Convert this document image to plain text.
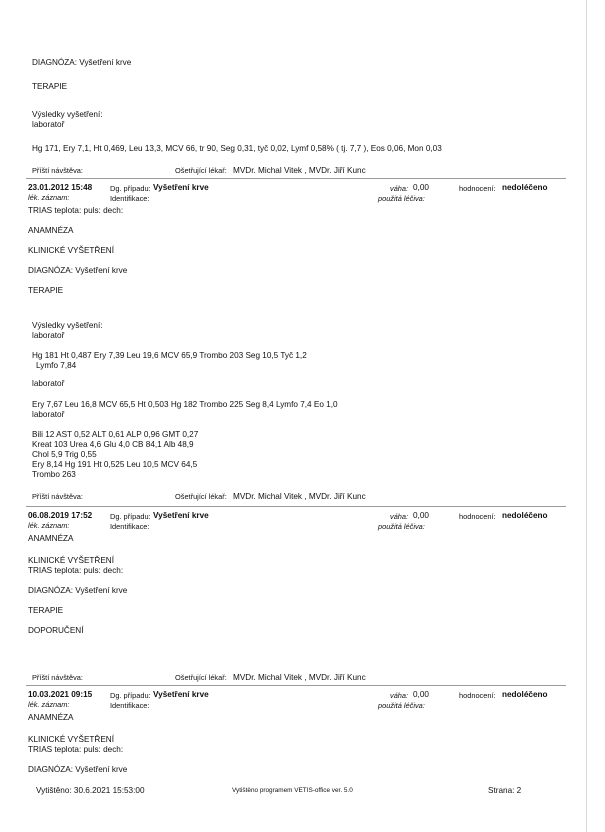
DIAGNÓZA: Vyšetření krve
TERAPIE
Výsledky vyšetření:
laboratoř
Hg 171, Ery 7,1, Ht 0,469, Leu 13,3, MCV 66, tr 90, Seg 0,31, tyč 0,02, Lymf 0,58% ( tj. 7,7 ), Eos 0,06, Mon 0,03
Příští návštěva:	Ošetřující lékař: MVDr. Michal Vitek , MVDr. Jiří Kunc
23.01.2012 15:48
lék. záznam:
Dg. případu: Vyšetření krve
Identifikace:
váha: 0,00
použitá léčiva:
hodnocení: nedoléčeno
TRIAS teplota: puls: dech:
ANAMNÉZA
KLINICKÉ VYŠETŘENÍ
DIAGNÓZA: Vyšetření krve
TERAPIE
Výsledky vyšetření:
laboratoř
Hg 181 Ht 0,487 Ery 7,39 Leu 19,6 MCV 65,9 Trombo 203 Seg 10,5 Tyč 1,2
Lymfo 7,84
laboratoř
Ery 7,67 Leu 16,8 MCV 65,5 Ht 0,503 Hg 182 Trombo 225 Seg 8,4 Lymfo 7,4 Eo 1,0
laboratoř
Bili 12 AST 0,52 ALT 0,61 ALP 0,96 GMT 0,27
Kreat 103 Urea 4,6 Glu 4,0 CB 84,1 Alb 48,9
Chol 5,9 Trig 0,55
Ery 8,14 Hg 191 Ht 0,525 Leu 10,5 MCV 64,5
Trombo 263
Příští návštěva:	Ošetřující lékař: MVDr. Michal Vitek , MVDr. Jiří Kunc
06.08.2019 17:52
lék. záznam:
Dg. případu: Vyšetření krve
Identifikace:
váha: 0,00
použitá léčiva:
hodnocení: nedoléčeno
ANAMNÉZA
KLINICKÉ VYŠETŘENÍ
TRIAS teplota: puls: dech:
DIAGNÓZA: Vyšetření krve
TERAPIE
DOPORUČENÍ
Příští návštěva:	Ošetřující lékař: MVDr. Michal Vitek , MVDr. Jiří Kunc
10.03.2021 09:15
lék. záznam:
Dg. případu: Vyšetření krve
Identifikace:
váha: 0,00
použitá léčiva:
hodnocení: nedoléčeno
ANAMNÉZA
KLINICKÉ VYŠETŘENÍ
TRIAS teplota: puls: dech:
DIAGNÓZA: Vyšetření krve
Vytištěno: 30.6.2021 15:53:00	Vytištěno programem VETIS-office ver. 5.0	Strana: 2
